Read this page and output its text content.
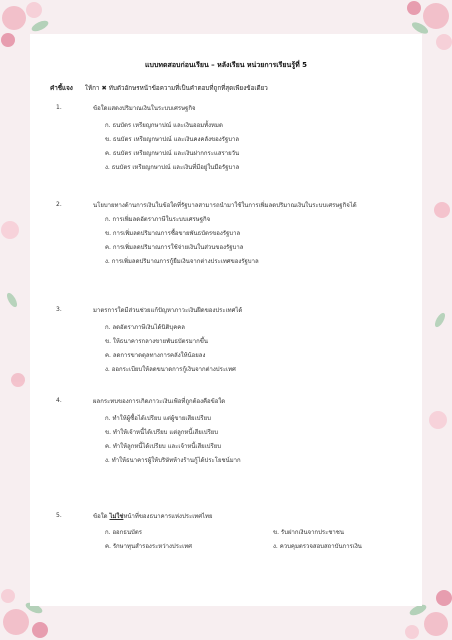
แบบทดสอบก่อนเรียน – หลังเรียน หน่วยการเรียนรู้ที่ 5
คำชี้แจง ให้กา ✖ ทับตัวอักษรหน้าข้อความที่เป็นคำตอบที่ถูกที่สุดเพียงข้อเดียว
1.	ข้อใดแสดงปริมาณเงินในระบบเศรษฐกิจ
ก. ธนบัตร เหรียญกษาปณ์ และเงินออมทั้งหมด
ข. ธนบัตร เหรียญกษาปณ์ และเงินคงคลังของรัฐบาล
ค. ธนบัตร เหรียญกษาปณ์ และเงินฝากกระแสรายวัน
ง. ธนบัตร เหรียญกษาปณ์ และเงินที่มีอยู่ในมือรัฐบาล
2.	นโยบายทางด้านการเงินในข้อใดที่รัฐบาลสามารถนำมาใช้ในการเพิ่มลดปริมาณเงินในระบบเศรษฐกิจได้
ก. การเพิ่มลดอัตราภาษีในระบบเศรษฐกิจ
ข. การเพิ่มลดปริมาณการซื้อขายพันธบัตรของรัฐบาล
ค. การเพิ่มลดปริมาณการใช้จ่ายเงินในส่วนของรัฐบาล
ง. การเพิ่มลดปริมาณการกู้ยืมเงินจากต่างประเทศของรัฐบาล
3.	มาตรการใดมีส่วนช่วยแก้ปัญหาภาวะเงินฝืดของประเทศได้
ก. ลดอัตราภาษีเงินได้นิติบุคคล
ข. ให้ธนาคารกลางขายพันธบัตรมากขึ้น
ค. ลดการขาดดุลทางการคลังให้น้อยลง
ง. ออกระเบียบให้ลดขนาดการกู้เงินจากต่างประเทศ
4.	ผลกระทบของการเกิดภาวะเงินเฟ้อที่ถูกต้องคือข้อใด
ก. ทำให้ผู้ซื้อได้เปรียบ แต่ผู้ขายเสียเปรียบ
ข. ทำให้เจ้าหนี้ได้เปรียบ แต่ลูกหนี้เสียเปรียบ
ค. ทำให้ลูกหนี้ได้เปรียบ และเจ้าหนี้เสียเปรียบ
ง. ทำให้ธนาคารผู้ให้บริษัทห้างร้านกู้ได้ประโยชน์มาก
5.	ข้อใด ไม่ใช่หน้าที่ของธนาคารแห่งประเทศไทย
ก. ออกธนบัตร	ข. รับฝากเงินจากประชาชน
ค. รักษาทุนสำรองระหว่างประเทศ	ง. ควบคุมตรวจสอบสถาบันการเงิน
